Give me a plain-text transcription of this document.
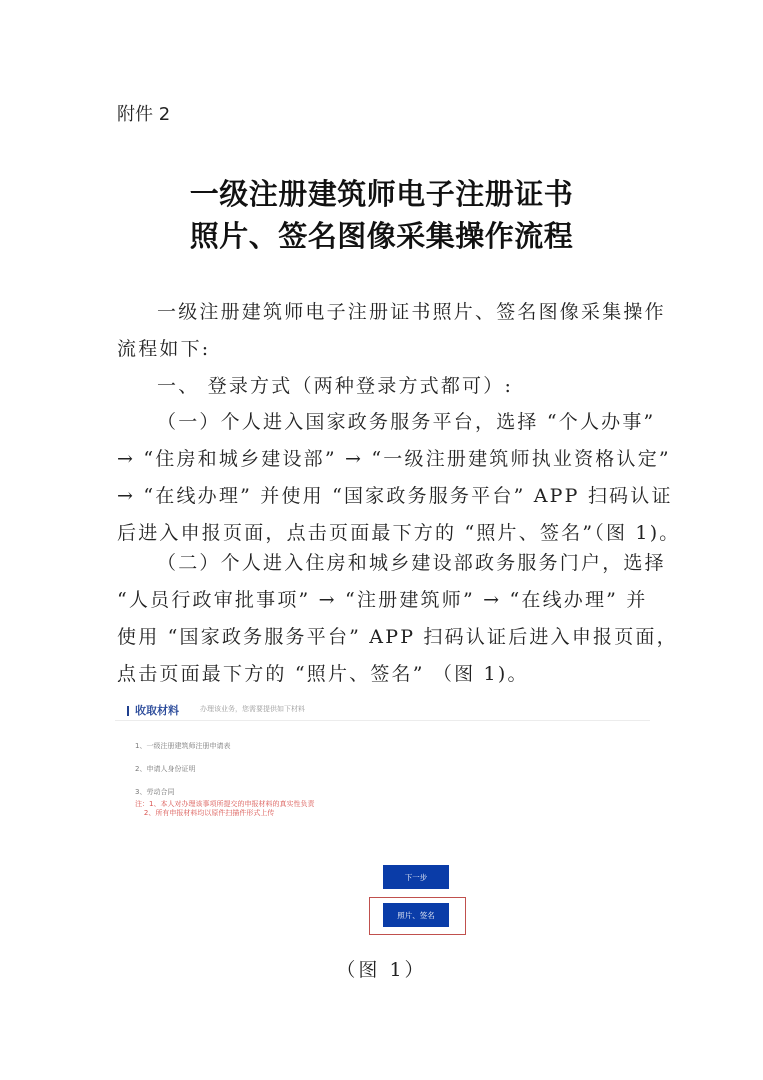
附件 2
一级注册建筑师电子注册证书
照片、签名图像采集操作流程
一级注册建筑师电子注册证书照片、签名图像采集操作
流程如下:
一、 登录方式（两种登录方式都可）:
（一）个人进入国家政务服务平台，选择 “个人办事”
→ “住房和城乡建设部” → “一级注册建筑师执业资格认定”
→ “在线办理” 并使用 “国家政务服务平台” APP 扫码认证
后进入申报页面，点击页面最下方的 “照片、签名”（图 1)。
（二）个人进入住房和城乡建设部政务服务门户，选择
“人员行政审批事项” → “注册建筑师” → “在线办理” 并
使用 “国家政务服务平台” APP 扫码认证后进入申报页面，
点击页面最下方的 “照片、签名” （图 1)。
收取材料	办理该业务，您需要提供如下材料
1、一级注册建筑师注册申请表
2、申请人身份证明
3、劳动合同
注：1、本人对办理该事项所提交的申报材料的真实性负责
2、所有申报材料均以原件扫描件形式上传
下一步
照片、签名
（图 1）
